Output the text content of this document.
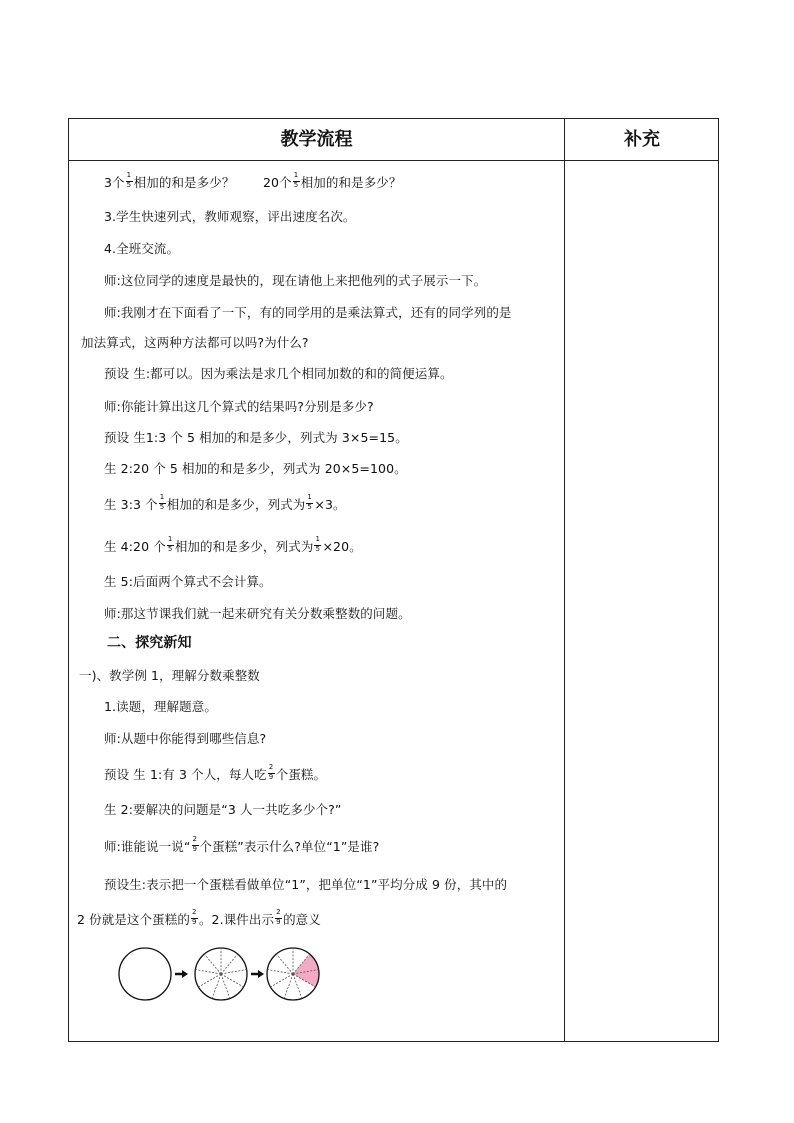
教学流程	补充
3个 $\frac{1}{5}$ 相加的和是多少？       20个 $\frac{1}{5}$ 相加的和是多少？
3.学生快速列式，教师观察，评出速度名次。
4.全班交流。
师:这位同学的速度是最快的，现在请他上来把他列的式子展示一下。
师:我刚才在下面看了一下，有的同学用的是乘法算式，还有的同学列的是
加法算式，这两种方法都可以吗?为什么?
预设 生:都可以。因为乘法是求几个相同加数的和的简便运算。
师:你能计算出这几个算式的结果吗?分别是多少?
预设 生1:3 个 5 相加的和是多少，列式为 3×5=15。
生 2:20 个 5 相加的和是多少，列式为 20×5=100。
生 3:3 个 $\frac{1}{5}$ 相加的和是多少，列式为 $\frac{1}{5} \times 3$。
生 4:20 个 $\frac{1}{5}$ 相加的和是多少，列式为 $\frac{1}{5} \times 20$。
生 5:后面两个算式不会计算。
师:那这节课我们就一起来研究有关分数乘整数的问题。
二、探究新知
一)、教学例 1，理解分数乘整数
1.读题，理解题意。
师:从题中你能得到哪些信息?
预设 生 1:有 3 个人，每人吃 $\frac{2}{9}$ 个蛋糕。
生 2:要解决的问题是“3 人一共吃多少个?”
师:谁能说一说“ $\frac{2}{9}$ 个蛋糕”表示什么?单位“1”是谁?
预设生:表示把一个蛋糕看做单位“1”，把单位“1”平均分成 9 份，其中的
2 份就是这个蛋糕的 $\frac{2}{9}$ 。2.课件出示 $\frac{2}{9}$ 的意义
